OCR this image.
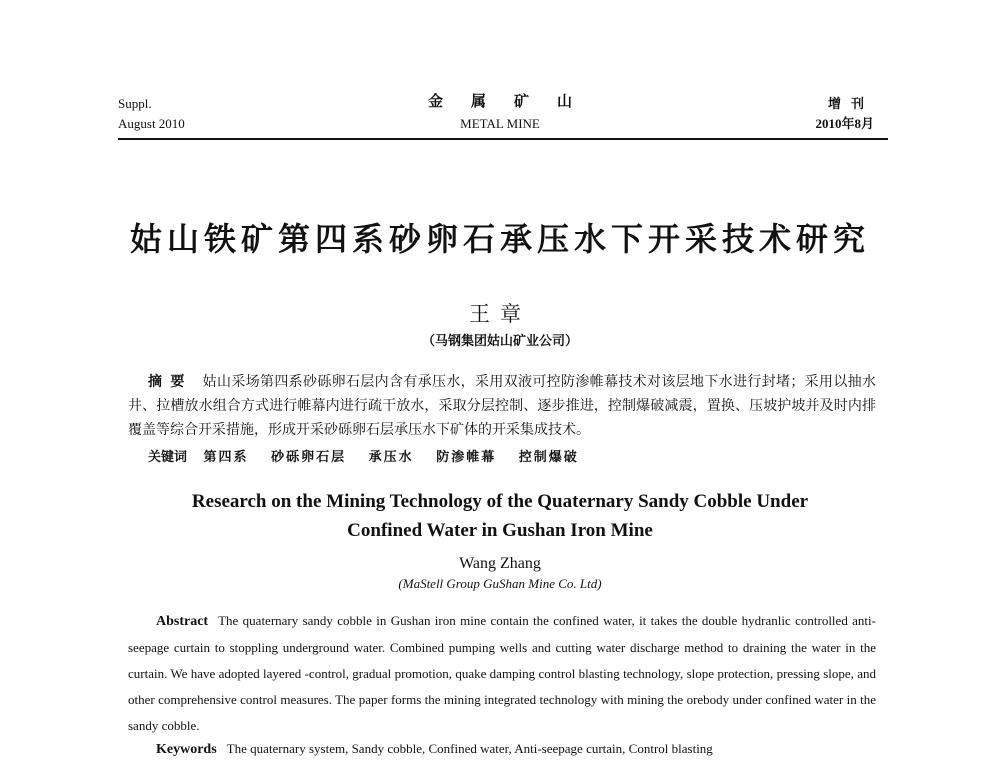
Suppl.
August 2010
金属矿山
METAL MINE
增刊
2010年8月
姑山铁矿第四系砂卵石承压水下开采技术研究
王章
（马钢集团姑山矿业公司）
摘要 姑山采场第四系砂砾卵石层内含有承压水，采用双液可控防渗帷幕技术对该层地下水进行封堵；采用以抽水井、拉槽放水组合方式进行帷幕内进行疏干放水，采取分层控制、逐步推进，控制爆破减震，置换、压坡护坡并及时内排覆盖等综合开采措施，形成开采砂砾卵石层承压水下矿体的开采集成技术。
关键词 第四系 砂砾卵石层 承压水 防渗帷幕 控制爆破
Research on the Mining Technology of the Quaternary Sandy Cobble Under
Confined Water in Gushan Iron Mine
Wang Zhang
(MaStell Group GuShan Mine Co. Ltd)
Abstract The quaternary sandy cobble in Gushan iron mine contain the confined water, it takes the double hydranlic controlled anti-seepage curtain to stoppling underground water. Combined pumping wells and cutting water discharge method to draining the water in the curtain. We have adopted layered -control, gradual promotion, quake damping control blasting technology, slope protection, pressing slope, and other comprehensive control measures. The paper forms the mining integrated technology with mining the orebody under confined water in the sandy cobble.
Keywords The quaternary system, Sandy cobble, Confined water, Anti-seepage curtain, Control blasting
